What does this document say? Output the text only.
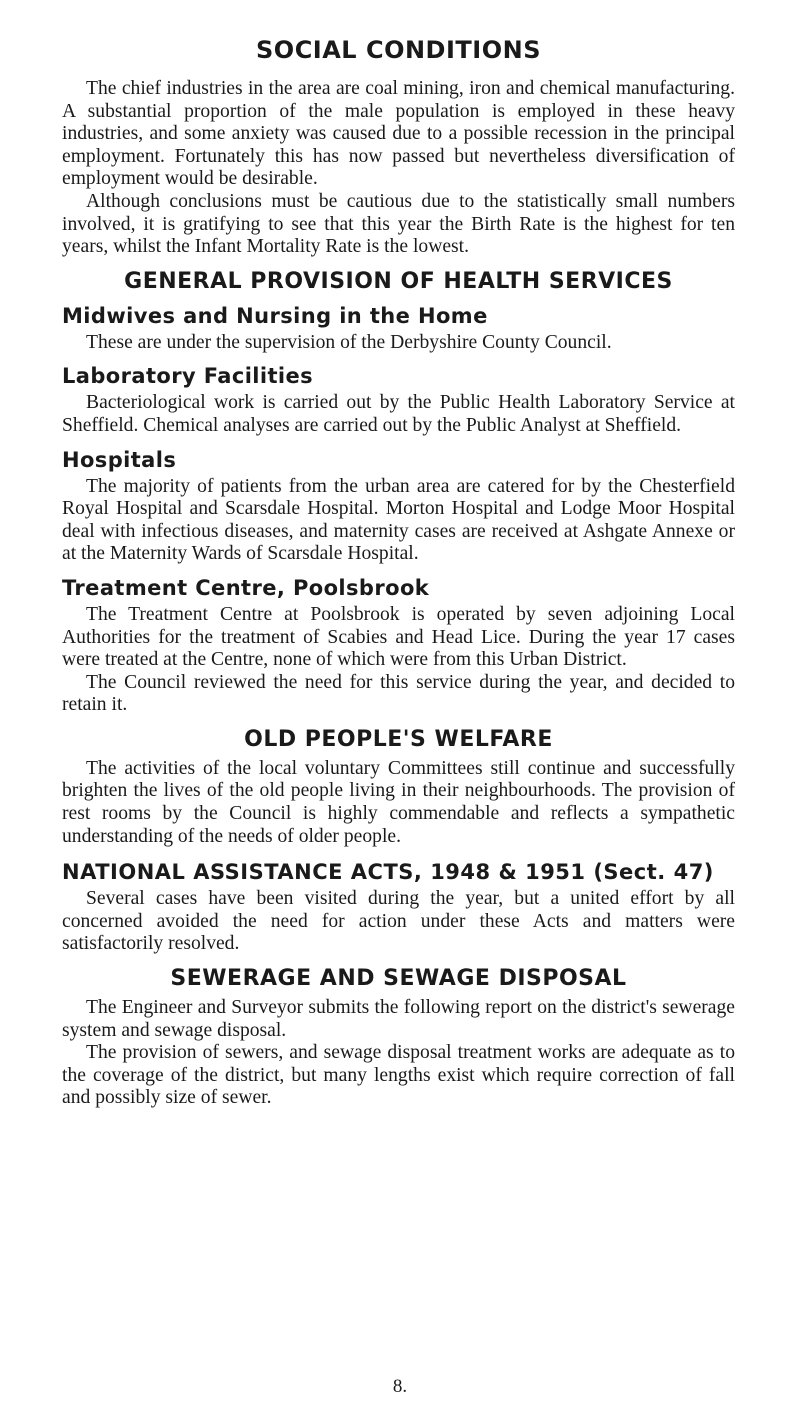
SOCIAL CONDITIONS

The chief industries in the area are coal mining, iron and chemical manufacturing. A substantial proportion of the male population is employed in these heavy industries, and some anxiety was caused due to a possible recession in the principal employment. Fortunately this has now passed but nevertheless diversification of employment would be desirable.

Although conclusions must be cautious due to the statistically small numbers involved, it is gratifying to see that this year the Birth Rate is the highest for ten years, whilst the Infant Mortality Rate is the lowest.

GENERAL PROVISION OF HEALTH SERVICES
Midwives and Nursing in the Home

These are under the supervision of the Derbyshire County Council.

Laboratory Facilities

Bacteriological work is carried out by the Public Health Laboratory Service at Sheffield. Chemical analyses are carried out by the Public Analyst at Sheffield.

Hospitals

The majority of patients from the urban area are catered for by the Chesterfield Royal Hospital and Scarsdale Hospital. Morton Hospital and Lodge Moor Hospital deal with infectious diseases, and maternity cases are received at Ashgate Annexe or at the Maternity Wards of Scarsdale Hospital.

Treatment Centre, Poolsbrook

The Treatment Centre at Poolsbrook is operated by seven adjoining Local Authorities for the treatment of Scabies and Head Lice. During the year 17 cases were treated at the Centre, none of which were from this Urban District.

The Council reviewed the need for this service during the year, and decided to retain it.

OLD PEOPLE'S WELFARE

The activities of the local voluntary Committees still continue and successfully brighten the lives of the old people living in their neighbourhoods. The provision of rest rooms by the Council is highly commendable and reflects a sympathetic understanding of the needs of older people.

NATIONAL ASSISTANCE ACTS, 1948 & 1951 (Sect. 47)

Several cases have been visited during the year, but a united effort by all concerned avoided the need for action under these Acts and matters were satisfactorily resolved.

SEWERAGE AND SEWAGE DISPOSAL

The Engineer and Surveyor submits the following report on the district's sewerage system and sewage disposal.

The provision of sewers, and sewage disposal treatment works are adequate as to the coverage of the district, but many lengths exist which require correction of fall and possibly size of sewer.

8.
